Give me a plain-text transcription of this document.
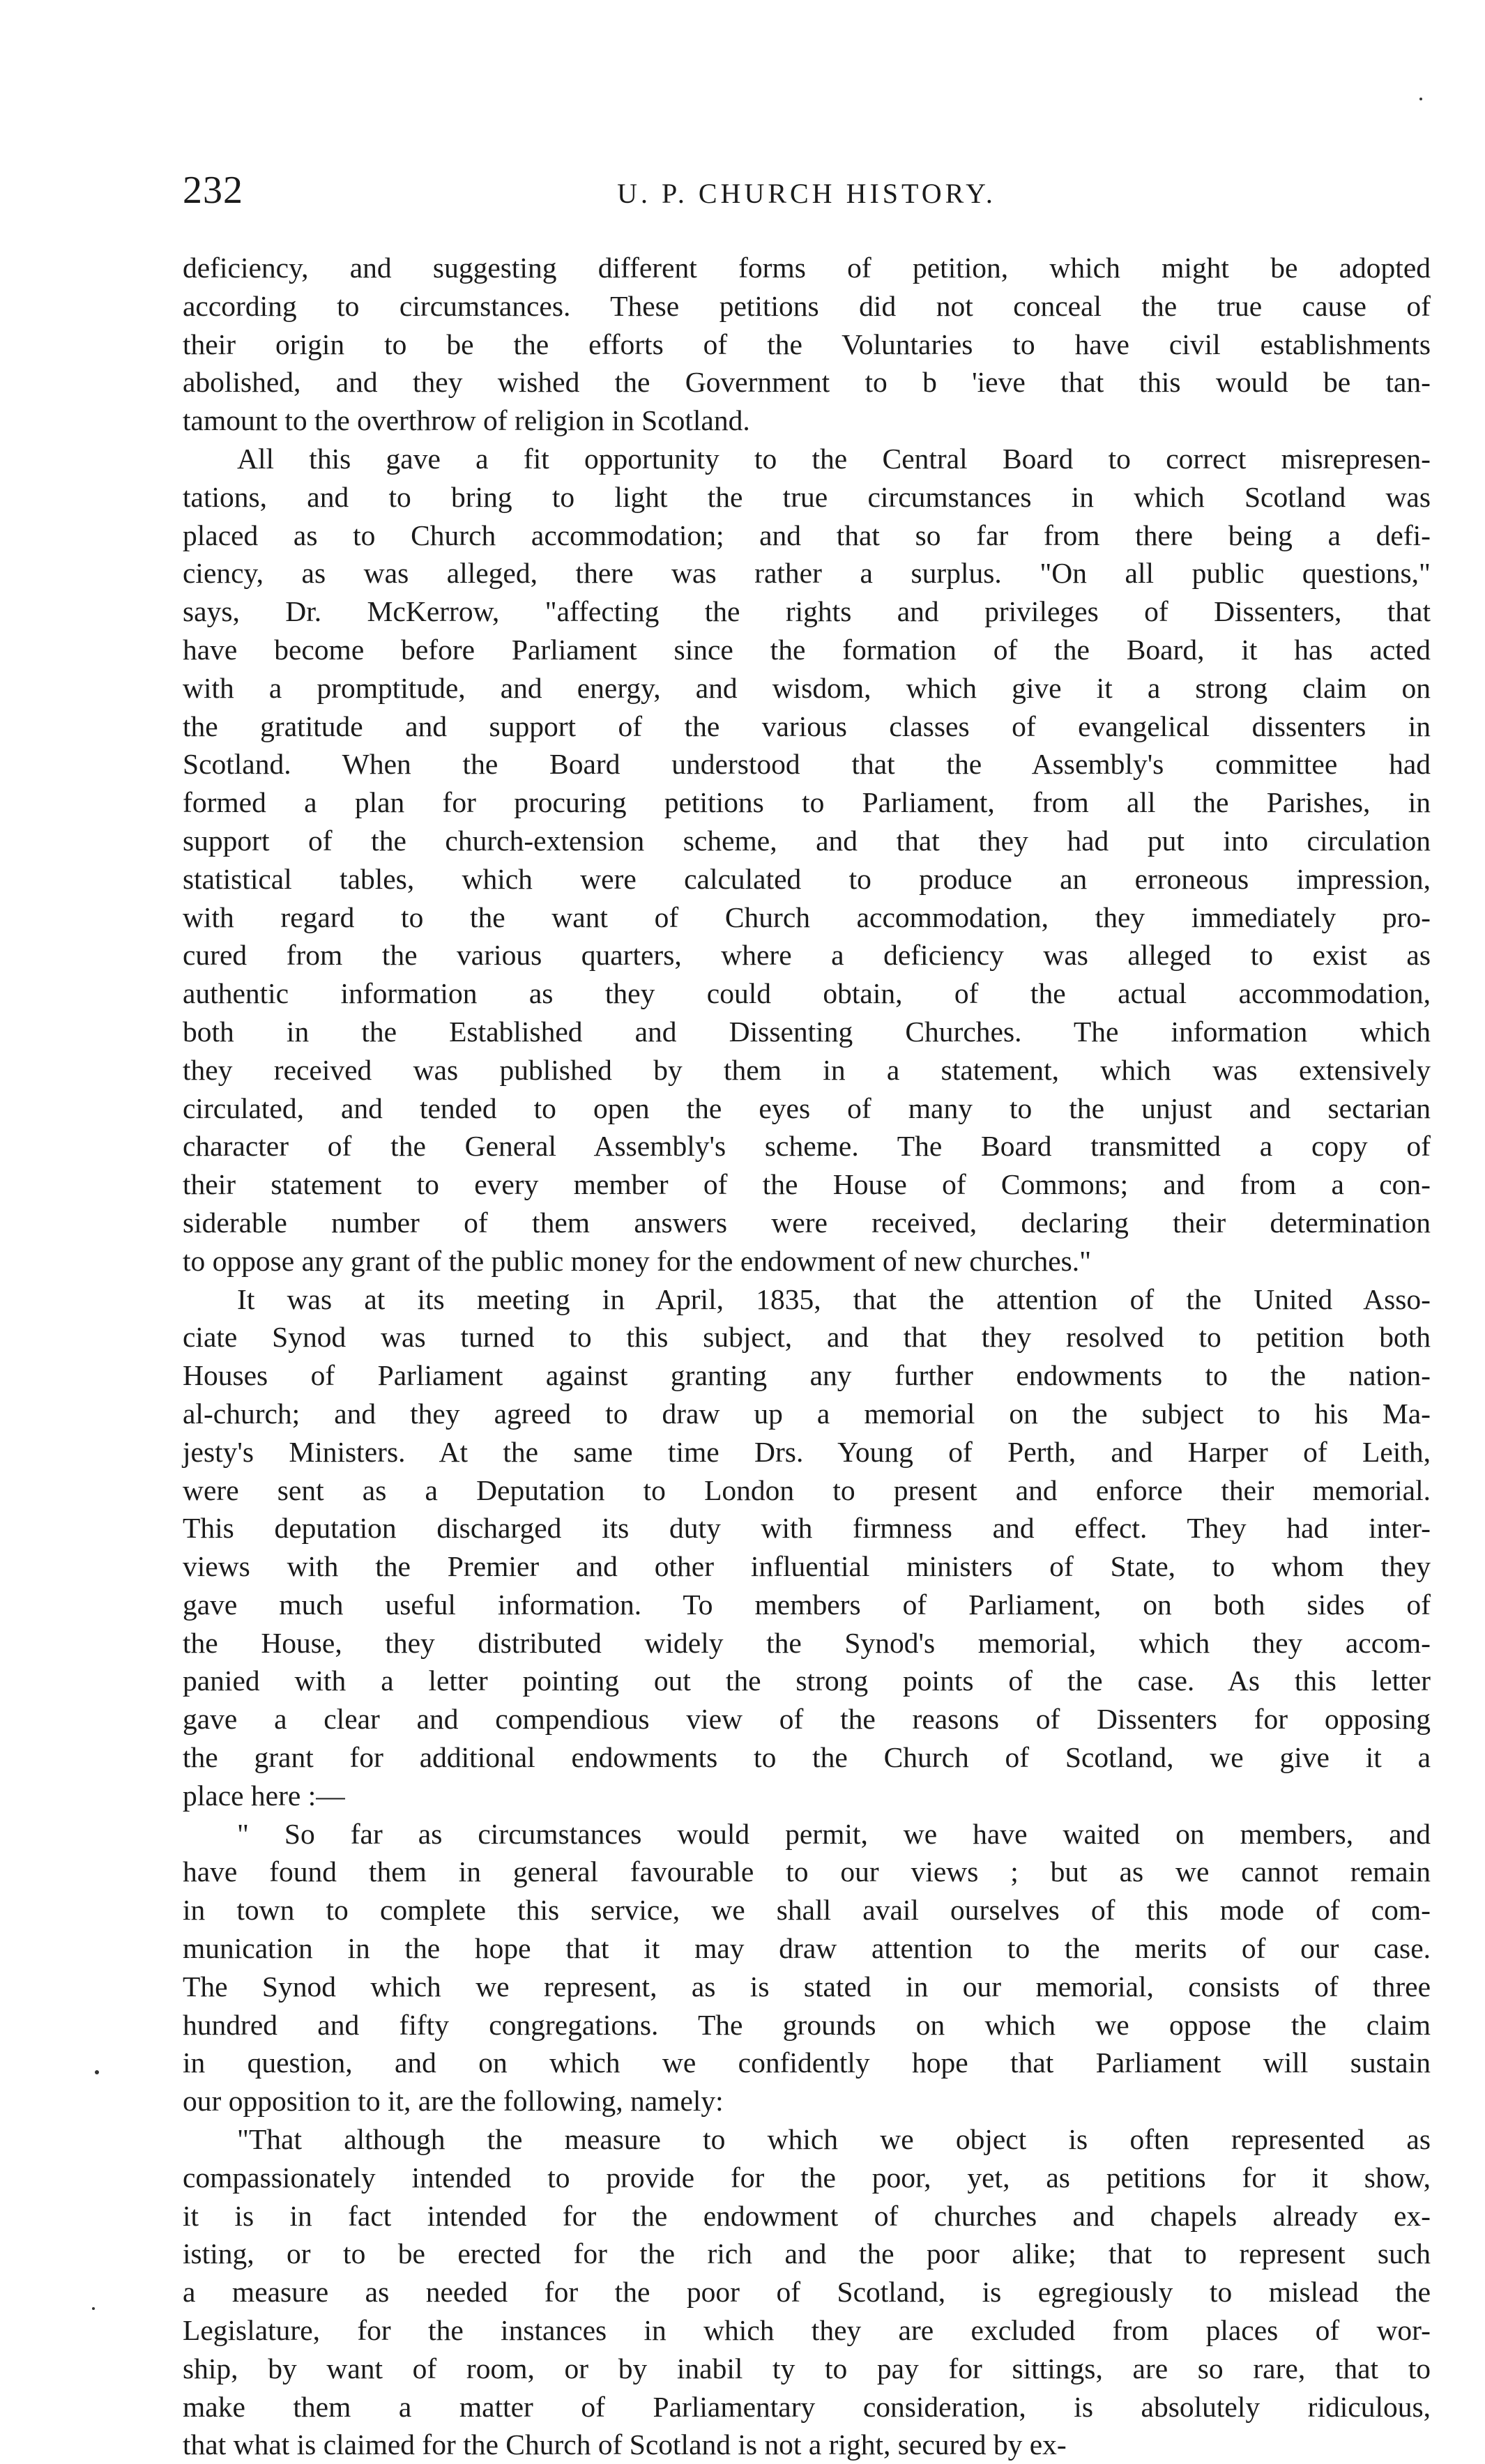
232	U. P. CHURCH HISTORY.
deficiency, and suggesting different forms of petition, which might be adopted
according to circumstances. These petitions did not conceal the true cause of
their origin to be the efforts of the Voluntaries to have civil establishments
abolished, and they wished the Government to b 'ieve that this would be tan-
tamount to the overthrow of religion in Scotland.
All this gave a fit opportunity to the Central Board to correct misrepresen-
tations, and to bring to light the true circumstances in which Scotland was
placed as to Church accommodation; and that so far from there being a defi-
ciency, as was alleged, there was rather a surplus. "On all public questions,"
says, Dr. McKerrow, "affecting the rights and privileges of Dissenters, that
have become before Parliament since the formation of the Board, it has acted
with a promptitude, and energy, and wisdom, which give it a strong claim on
the gratitude and support of the various classes of evangelical dissenters in
Scotland. When the Board understood that the Assembly's committee had
formed a plan for procuring petitions to Parliament, from all the Parishes, in
support of the church-extension scheme, and that they had put into circulation
statistical tables, which were calculated to produce an erroneous impression,
with regard to the want of Church accommodation, they immediately pro-
cured from the various quarters, where a deficiency was alleged to exist as
authentic information as they could obtain, of the actual accommodation,
both in the Established and Dissenting Churches. The information which
they received was published by them in a statement, which was extensively
circulated, and tended to open the eyes of many to the unjust and sectarian
character of the General Assembly's scheme. The Board transmitted a copy of
their statement to every member of the House of Commons; and from a con-
siderable number of them answers were received, declaring their determination
to oppose any grant of the public money for the endowment of new churches."
It was at its meeting in April, 1835, that the attention of the United Asso-
ciate Synod was turned to this subject, and that they resolved to petition both
Houses of Parliament against granting any further endowments to the nation-
al-church; and they agreed to draw up a memorial on the subject to his Ma-
jesty's Ministers. At the same time Drs. Young of Perth, and Harper of Leith,
were sent as a Deputation to London to present and enforce their memorial.
This deputation discharged its duty with firmness and effect. They had inter-
views with the Premier and other influential ministers of State, to whom they
gave much useful information. To members of Parliament, on both sides of
the House, they distributed widely the Synod's memorial, which they accom-
panied with a letter pointing out the strong points of the case. As this letter
gave a clear and compendious view of the reasons of Dissenters for opposing
the grant for additional endowments to the Church of Scotland, we give it a
place here :—
" So far as circumstances would permit, we have waited on members, and
have found them in general favourable to our views ; but as we cannot remain
in town to complete this service, we shall avail ourselves of this mode of com-
munication in the hope that it may draw attention to the merits of our case.
The Synod which we represent, as is stated in our memorial, consists of three
hundred and fifty congregations. The grounds on which we oppose the claim
in question, and on which we confidently hope that Parliament will sustain
our opposition to it, are the following, namely:
"That although the measure to which we object is often represented as
compassionately intended to provide for the poor, yet, as petitions for it show,
it is in fact intended for the endowment of churches and chapels already ex-
isting, or to be erected for the rich and the poor alike; that to represent such
a measure as needed for the poor of Scotland, is egregiously to mislead the
Legislature, for the instances in which they are excluded from places of wor-
ship, by want of room, or by inabil ty to pay for sittings, are so rare, that to
make them a matter of Parliamentary consideration, is absolutely ridiculous,
that what is claimed for the Church of Scotland is not a right, secured by ex-
